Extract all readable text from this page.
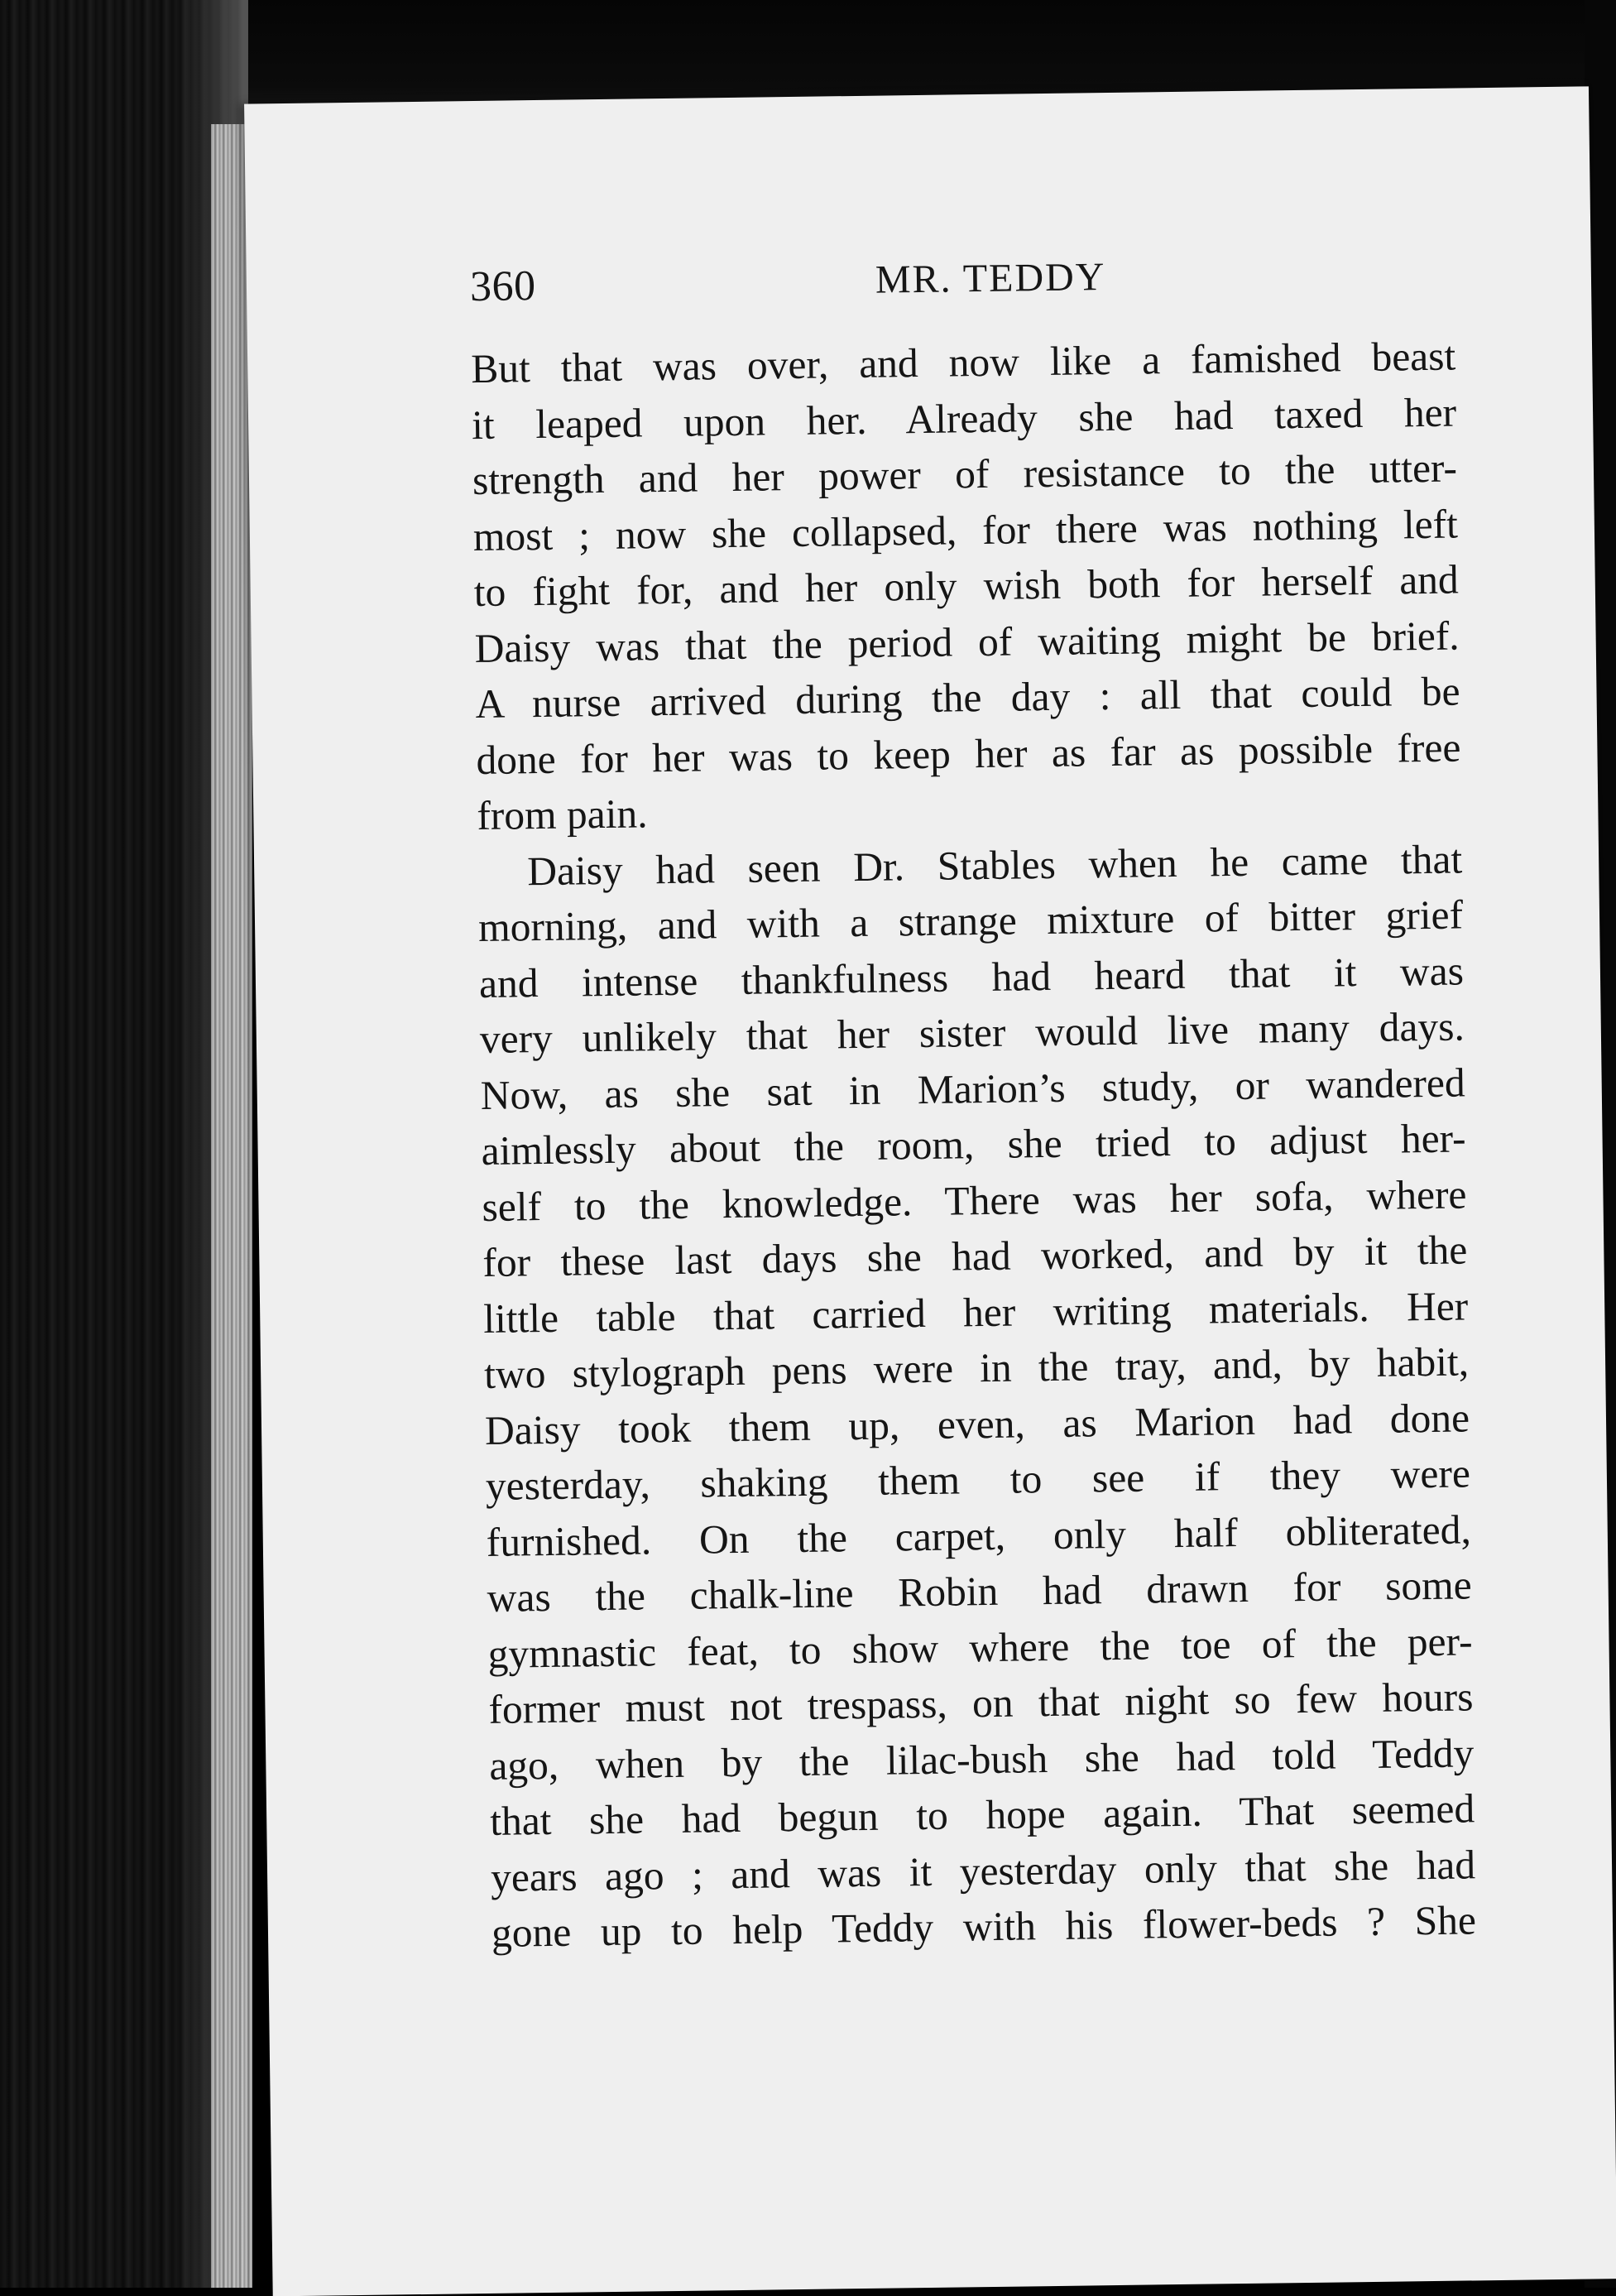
360	MR. TEDDY
But that was over, and now like a famished beast
it leaped upon her. Already she had taxed her
strength and her power of resistance to the utter-
most ; now she collapsed, for there was nothing left
to fight for, and her only wish both for herself and
Daisy was that the period of waiting might be brief.
A nurse arrived during the day : all that could be
done for her was to keep her as far as possible free
from pain.
Daisy had seen Dr. Stables when he came that
morning, and with a strange mixture of bitter grief
and intense thankfulness had heard that it was
very unlikely that her sister would live many days.
Now, as she sat in Marion’s study, or wandered
aimlessly about the room, she tried to adjust her-
self to the knowledge. There was her sofa, where
for these last days she had worked, and by it the
little table that carried her writing materials. Her
two stylograph pens were in the tray, and, by habit,
Daisy took them up, even, as Marion had done
yesterday, shaking them to see if they were
furnished. On the carpet, only half obliterated,
was the chalk-line Robin had drawn for some
gymnastic feat, to show where the toe of the per-
former must not trespass, on that night so few hours
ago, when by the lilac-bush she had told Teddy
that she had begun to hope again. That seemed
years ago ; and was it yesterday only that she had
gone up to help Teddy with his flower-beds ? She
